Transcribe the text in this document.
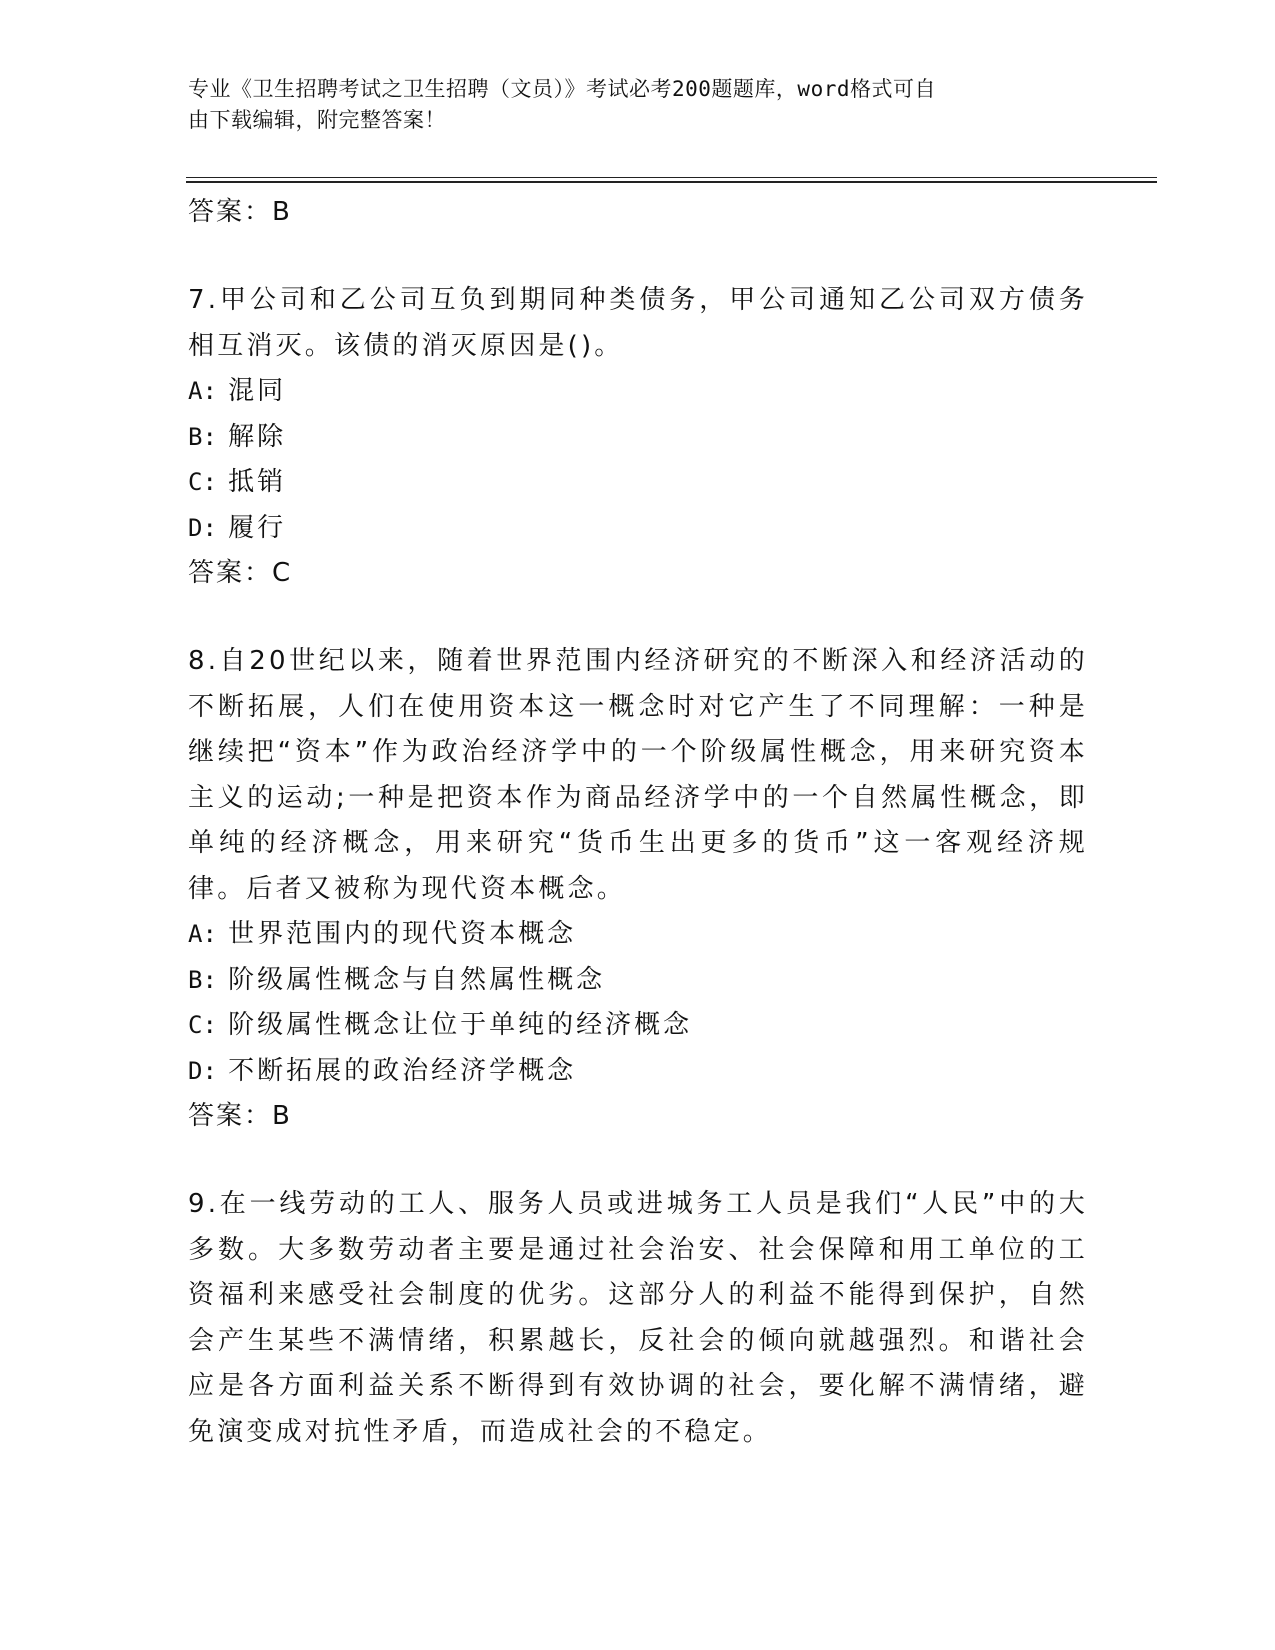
专业《卫生招聘考试之卫生招聘（文员）》考试必考200题题库，word格式可自
由下载编辑，附完整答案！
答案：B
7.甲公司和乙公司互负到期同种类债务，甲公司通知乙公司双方债务相互消灭。该债的消灭原因是()。
A: 混同
B: 解除
C: 抵销
D: 履行
答案：C
8.自20世纪以来，随着世界范围内经济研究的不断深入和经济活动的不断拓展，人们在使用资本这一概念时对它产生了不同理解：一种是继续把“资本”作为政治经济学中的一个阶级属性概念，用来研究资本主义的运动;一种是把资本作为商品经济学中的一个自然属性概念，即单纯的经济概念，用来研究“货币生出更多的货币”这一客观经济规律。后者又被称为现代资本概念。
A: 世界范围内的现代资本概念
B: 阶级属性概念与自然属性概念
C: 阶级属性概念让位于单纯的经济概念
D: 不断拓展的政治经济学概念
答案：B
9.在一线劳动的工人、服务人员或进城务工人员是我们“人民”中的大多数。大多数劳动者主要是通过社会治安、社会保障和用工单位的工资福利来感受社会制度的优劣。这部分人的利益不能得到保护，自然会产生某些不满情绪，积累越长，反社会的倾向就越强烈。和谐社会应是各方面利益关系不断得到有效协调的社会，要化解不满情绪，避免演变成对抗性矛盾，而造成社会的不稳定。
